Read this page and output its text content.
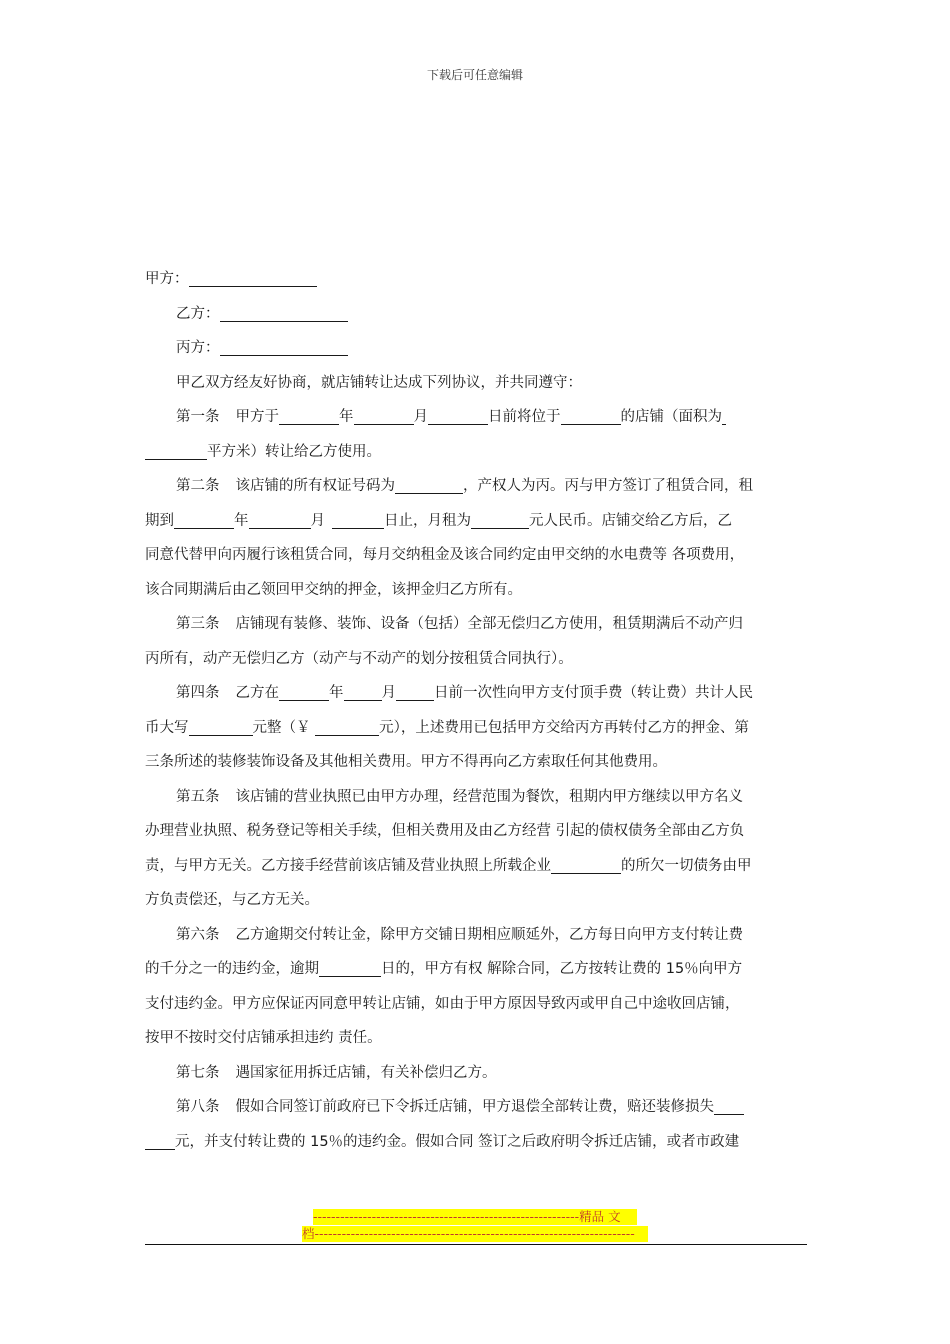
下载后可任意编辑
甲方：
乙方：
丙方：
甲乙双方经友好协商，就店铺转让达成下列协议，并共同遵守：
第一条 甲方于	年	月	日前将位于	的店铺（面积为
平方米）转让给乙方使用。
第二条 该店铺的所有权证号码为	，产权人为丙。丙与甲方签订了租赁合同，租
期到	年	月	日止，月租为	元人民币。店铺交给乙方后，乙
同意代替甲向丙履行该租赁合同，每月交纳租金及该合同约定由甲交纳的水电费等 各项费用，
该合同期满后由乙领回甲交纳的押金，该押金归乙方所有。
第三条 店铺现有装修、装饰、设备（包括）全部无偿归乙方使用，租赁期满后不动产归
丙所有，动产无偿归乙方（动产与不动产的划分按租赁合同执行）。
第四条 乙方在	年	月	日前一次性向甲方支付顶手费（转让费）共计人民
币大写	元整（￥	元），上述费用已包括甲方交给丙方再转付乙方的押金、第
三条所述的装修装饰设备及其他相关费用。甲方不得再向乙方索取任何其他费用。
第五条 该店铺的营业执照已由甲方办理，经营范围为餐饮，租期内甲方继续以甲方名义
办理营业执照、税务登记等相关手续，但相关费用及由乙方经营 引起的债权债务全部由乙方负
责，与甲方无关。乙方接手经营前该店铺及营业执照上所载企业	的所欠一切债务由甲
方负责偿还，与乙方无关。
第六条 乙方逾期交付转让金，除甲方交铺日期相应顺延外，乙方每日向甲方支付转让费
的千分之一的违约金，逾期	日的，甲方有权 解除合同，乙方按转让费的 15％向甲方
支付违约金。甲方应保证丙同意甲转让店铺，如由于甲方原因导致丙或甲自己中途收回店铺，
按甲不按时交付店铺承担违约 责任。
第七条 遇国家征用拆迁店铺，有关补偿归乙方。
第八条 假如合同签订前政府已下令拆迁店铺，甲方退偿全部转让费，赔还装修损失
元，并支付转让费的 15％的违约金。假如合同 签订之后政府明令拆迁店铺，或者市政建
-----------------------------------------------------------精品 文
档-----------------------------------------------------------------------
